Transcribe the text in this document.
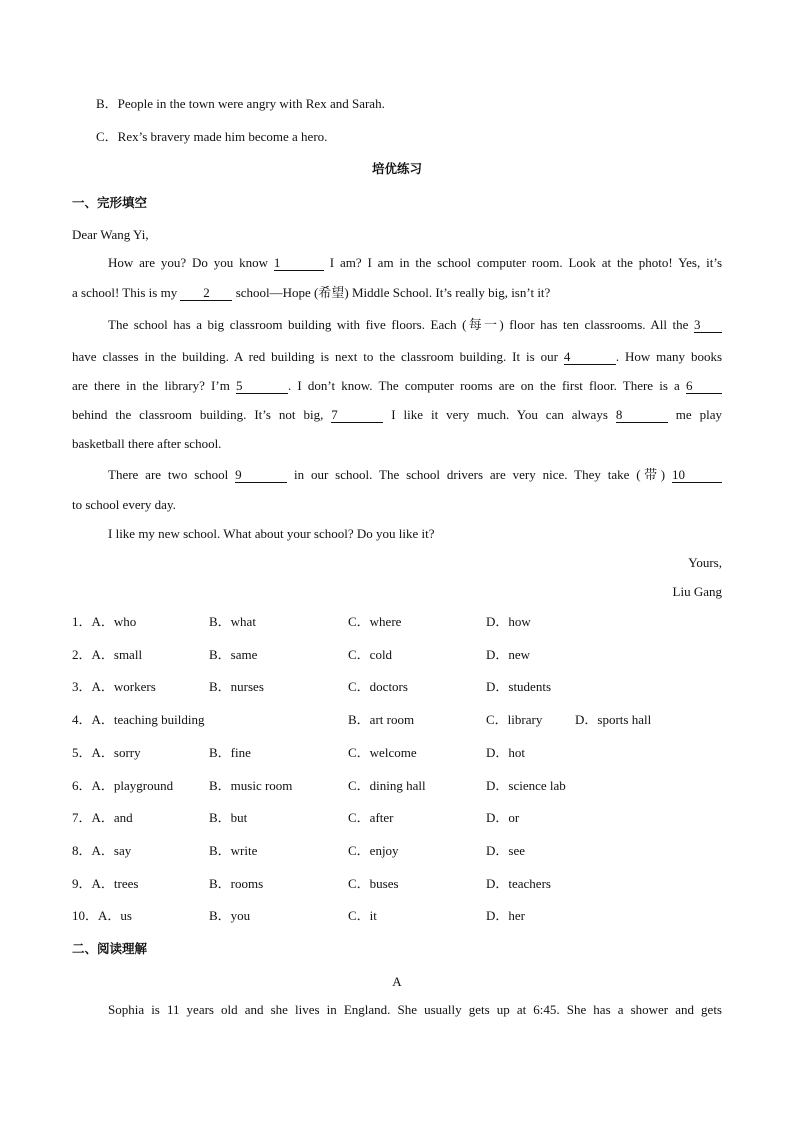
B．People in the town were angry with Rex and Sarah.
C．Rex’s bravery made him become a hero.
培优练习
一、完形填空
Dear Wang Yi,
How are you? Do you know 1	I am? I am in the school computer room. Look at the photo! Yes, it’s
a school! This is my 2 school—Hope (希望) Middle School. It’s really big, isn’t it?
The school has a big classroom building with five floors. Each (每一) floor has ten classrooms. All the 3
have classes in the building. A red building is next to the classroom building. It is our 4	. How many books
are there in the library? I’m 5	. I don’t know. The computer rooms are on the first floor. There is a 6
behind the classroom building. It’s not big, 7	I like it very much. You can always 8	me play
basketball there after school.
There are two school 9	in our school. The school drivers are very nice. They take (带) 10
to school every day.
I like my new school. What about your school? Do you like it?
Yours,
Liu Gang
1．A．who	B．what	C．where	D．how
2．A．small	B．same	C．cold	D．new
3．A．workers	B．nurses	C．doctors	D．students
4．A．teaching building	B．art room	C．library	D．sports hall
5．A．sorry	B．fine	C．welcome	D．hot
6．A．playground	B．music room	C．dining hall	D．science lab
7．A．and	B．but	C．after	D．or
8．A．say	B．write	C．enjoy	D．see
9．A．trees	B．rooms	C．buses	D．teachers
10．A．us	B．you	C．it	D．her
二、阅读理解
A
Sophia is 11 years old and she lives in England. She usually gets up at 6:45. She has a shower and gets
